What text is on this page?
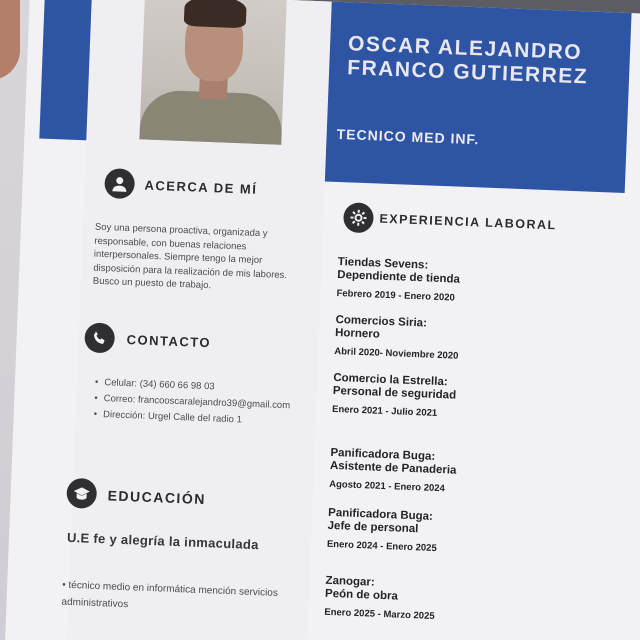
OSCAR ALEJANDRO
FRANCO GUTIERREZ
TECNICO MED INF.
ACERCA DE MÍ

Soy una persona proactiva, organizada y responsable, con buenas relaciones interpersonales. Siempre tengo la mejor disposición para la realización de mis labores. Busco un puesto de trabajo.

CONTACTO
• Celular: (34) 660 66 98 03
• Correo: francooscaralejandro39@gmail.com
• Dirección: Urgel Calle del radio 1
EDUCACIÓN
U.E fe y alegría la inmaculada

• técnico medio en informática mención servicios administrativos

EXPERIENCIA LABORAL
Tiendas Sevens:
Dependiente de tienda
Febrero 2019 - Enero 2020
Comercios Siria:
Hornero
Abril 2020- Noviembre 2020
Comercio la Estrella:
Personal de seguridad
Enero 2021 - Julio 2021
Panificadora Buga:
Asistente de Panaderia
Agosto 2021 - Enero 2024
Panificadora Buga:
Jefe de personal
Enero 2024 - Enero 2025
Zanogar:
Peón de obra
Enero 2025 - Marzo 2025
